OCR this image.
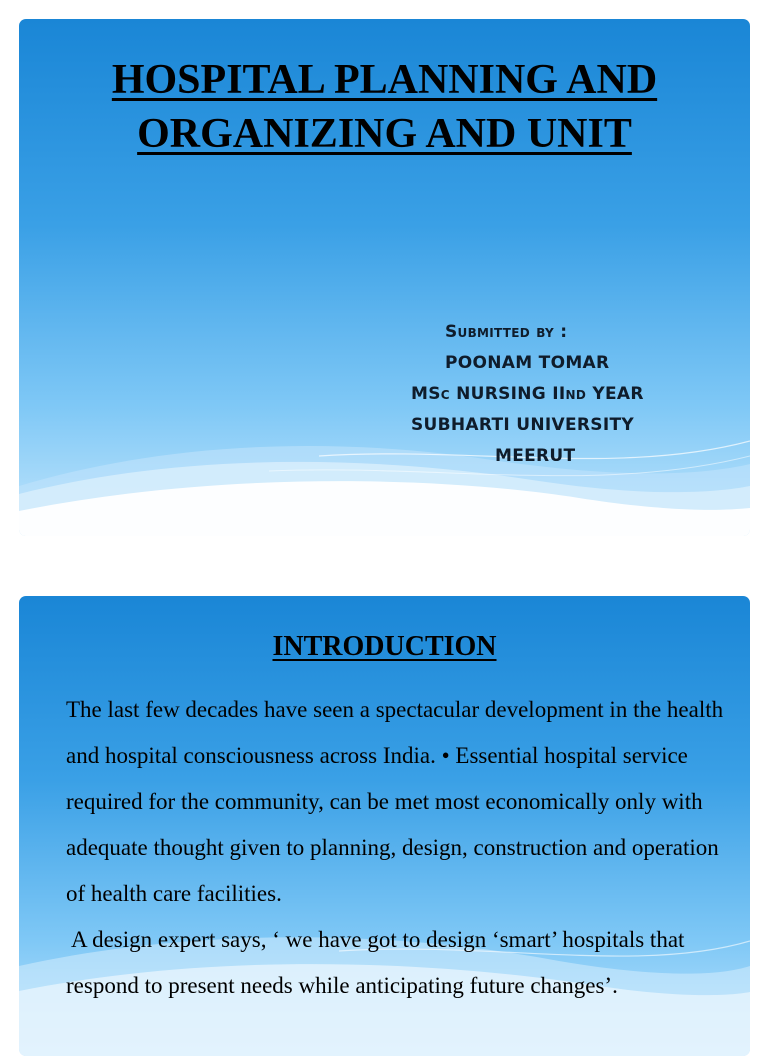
HOSPITAL PLANNING AND
ORGANIZING AND UNIT
Submitted by :
POONAM TOMAR
MSc NURSING IInd YEAR
SUBHARTI UNIVERSITY
MEERUT
INTRODUCTION

The last few decades have seen a spectacular development in the health and hospital consciousness across India. • Essential hospital service required for the community, can be met most economically only with adequate thought given to planning, design, construction and operation of health care facilities.

A design expert says, ‘ we have got to design ‘smart’ hospitals that respond to present needs while anticipating future changes’.
